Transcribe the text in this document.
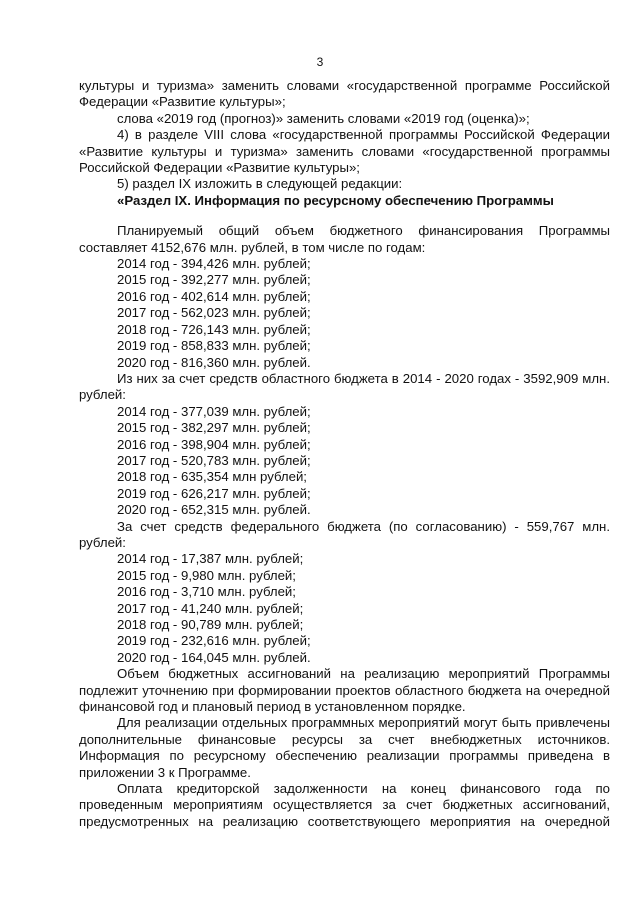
3

культуры и туризма» заменить словами «государственной программе Российской Федерации «Развитие культуры»;

слова «2019 год (прогноз)» заменить словами «2019 год (оценка)»;

4) в разделе VIII слова «государственной программы Российской Федерации «Развитие культуры и туризма» заменить словами «государственной программы Российской Федерации «Развитие культуры»;

5) раздел IX изложить в следующей редакции:

«Раздел IX. Информация по ресурсному обеспечению Программы

Планируемый общий объем бюджетного финансирования Программы составляет 4152,676 млн. рублей, в том числе по годам:

2014 год - 394,426 млн. рублей;
2015 год - 392,277 млн. рублей;
2016 год - 402,614 млн. рублей;
2017 год - 562,023 млн. рублей;
2018 год - 726,143 млн. рублей;
2019 год - 858,833 млн. рублей;
2020 год - 816,360 млн. рублей.

Из них за счет средств областного бюджета в 2014 - 2020 годах - 3592,909 млн. рублей:

2014 год - 377,039 млн. рублей;
2015 год - 382,297 млн. рублей;
2016 год - 398,904 млн. рублей;
2017 год - 520,783 млн. рублей;
2018 год - 635,354 млн рублей;
2019 год - 626,217 млн. рублей;
2020 год - 652,315 млн. рублей.

За счет средств федерального бюджета (по согласованию) - 559,767 млн. рублей:

2014 год - 17,387 млн. рублей;
2015 год - 9,980 млн. рублей;
2016 год - 3,710 млн. рублей;
2017 год - 41,240 млн. рублей;
2018 год - 90,789 млн. рублей;
2019 год - 232,616 млн. рублей;
2020 год - 164,045 млн. рублей.

Объем бюджетных ассигнований на реализацию мероприятий Программы подлежит уточнению при формировании проектов областного бюджета на очередной финансовой год и плановый период в установленном порядке.

Для реализации отдельных программных мероприятий могут быть привлечены дополнительные финансовые ресурсы за счет внебюджетных источников. Информация по ресурсному обеспечению реализации программы приведена в приложении 3 к Программе.

Оплата кредиторской задолженности на конец финансового года по проведенным мероприятиям осуществляется за счет бюджетных ассигнований, предусмотренных на реализацию соответствующего мероприятия на очередной
